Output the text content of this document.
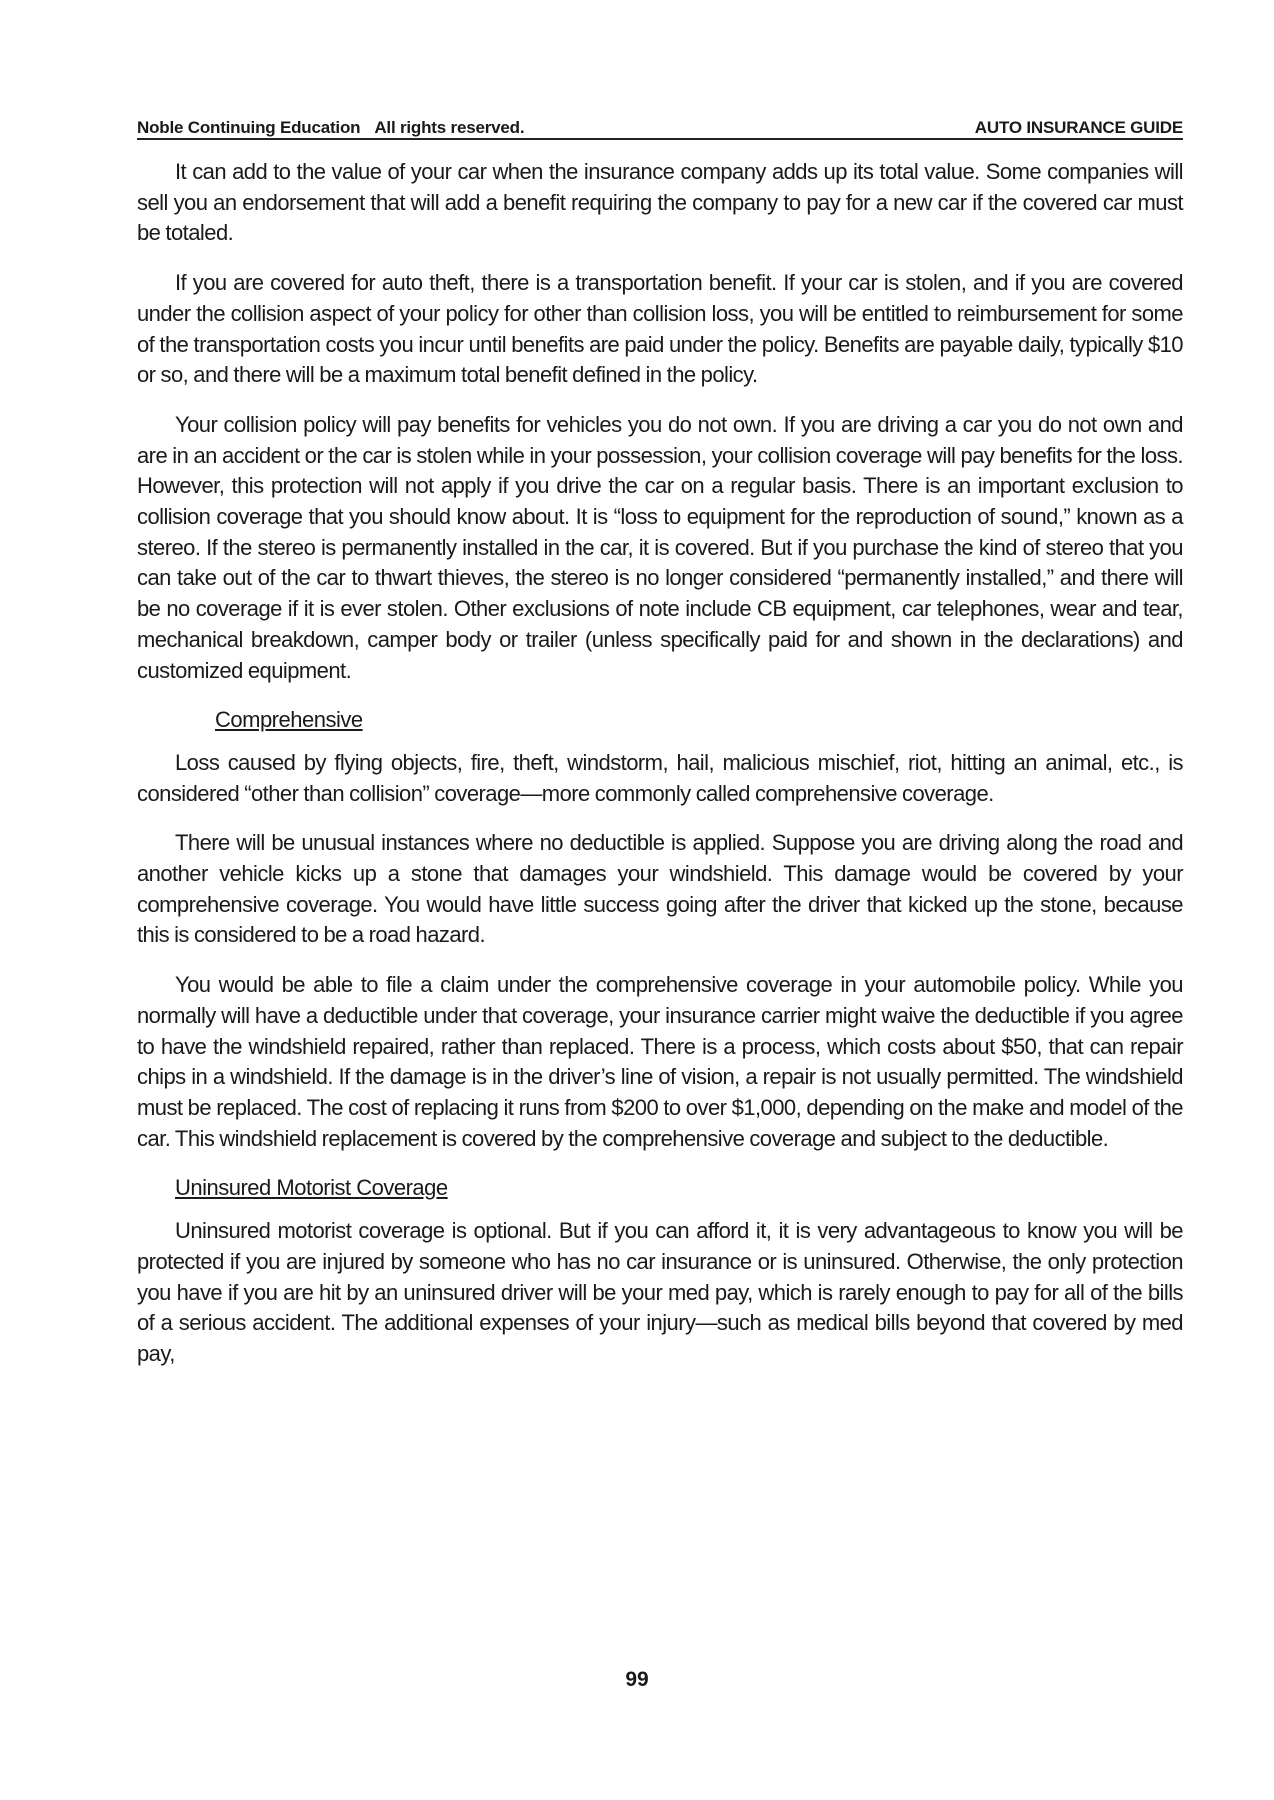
Noble Continuing Education All rights reserved.	AUTO INSURANCE GUIDE

It can add to the value of your car when the insurance company adds up its total value. Some companies will sell you an endorsement that will add a benefit requiring the company to pay for a new car if the covered car must be totaled.

If you are covered for auto theft, there is a transportation benefit. If your car is stolen, and if you are covered under the collision aspect of your policy for other than collision loss, you will be entitled to reimbursement for some of the transportation costs you incur until benefits are paid under the policy. Benefits are payable daily, typically $10 or so, and there will be a maximum total benefit defined in the policy.

Your collision policy will pay benefits for vehicles you do not own. If you are driving a car you do not own and are in an accident or the car is stolen while in your possession, your collision coverage will pay benefits for the loss. However, this protection will not apply if you drive the car on a regular basis. There is an important exclusion to collision coverage that you should know about. It is “loss to equipment for the reproduction of sound,” known as a stereo. If the stereo is permanently installed in the car, it is covered. But if you purchase the kind of stereo that you can take out of the car to thwart thieves, the stereo is no longer considered “permanently installed,” and there will be no coverage if it is ever stolen. Other exclusions of note include CB equipment, car telephones, wear and tear, mechanical breakdown, camper body or trailer (unless specifically paid for and shown in the declarations) and customized equipment.

Comprehensive

Loss caused by flying objects, fire, theft, windstorm, hail, malicious mischief, riot, hitting an animal, etc., is considered “other than collision” coverage—more commonly called comprehensive coverage.

There will be unusual instances where no deductible is applied. Suppose you are driving along the road and another vehicle kicks up a stone that damages your windshield. This damage would be covered by your comprehensive coverage. You would have little success going after the driver that kicked up the stone, because this is considered to be a road hazard.

You would be able to file a claim under the comprehensive coverage in your automobile policy. While you normally will have a deductible under that coverage, your insurance carrier might waive the deductible if you agree to have the windshield repaired, rather than replaced. There is a process, which costs about $50, that can repair chips in a windshield. If the damage is in the driver’s line of vision, a repair is not usually permitted. The windshield must be replaced. The cost of replacing it runs from $200 to over $1,000, depending on the make and model of the car. This windshield replacement is covered by the comprehensive coverage and subject to the deductible.

Uninsured Motorist Coverage

Uninsured motorist coverage is optional. But if you can afford it, it is very advantageous to know you will be protected if you are injured by someone who has no car insurance or is uninsured. Otherwise, the only protection you have if you are hit by an uninsured driver will be your med pay, which is rarely enough to pay for all of the bills of a serious accident. The additional expenses of your injury—such as medical bills beyond that covered by med pay,

99
